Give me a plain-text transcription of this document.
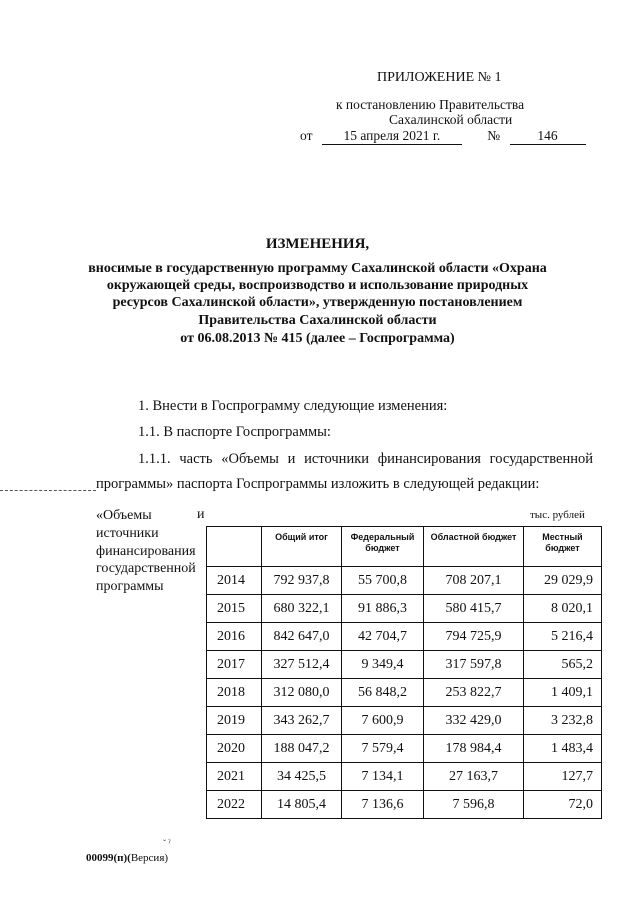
ПРИЛОЖЕНИЕ № 1
к постановлению Правительства
Сахалинской области
от 15 апреля 2021 г.	№	146
ИЗМЕНЕНИЯ,
вносимые в государственную программу Сахалинской области «Охрана
окружающей среды, воспроизводство и использование природных
ресурсов Сахалинской области», утвержденную постановлением
Правительства Сахалинской области
от 06.08.2013 № 415 (далее – Госпрограмма)
1. Внести в Госпрограмму следующие изменения:
1.1. В паспорте Госпрограммы:
1.1.1. часть «Объемы и источники финансирования государственной
программы» паспорта Госпрограммы изложить в следующей редакции:
«Объемы	и
источники
финансирования
государственной
программы
тыс. рублей
	Общий итог	Федеральный бюджет	Областной бюджет	Местный бюджет
2014	792 937,8	55 700,8	708 207,1	29 029,9
2015	680 322,1	91 886,3	580 415,7	8 020,1
2016	842 647,0	42 704,7	794 725,9	5 216,4
2017	327 512,4	9 349,4	317 597,8	565,2
2018	312 080,0	56 848,2	253 822,7	1 409,1
2019	343 262,7	7 600,9	332 429,0	3 232,8
2020	188 047,2	7 579,4	178 984,4	1 483,4
2021	34 425,5	7 134,1	27 163,7	127,7
2022	14 805,4	7 136,6	7 596,8	72,0
ˇ ˀ
00099(п)(Версия)
